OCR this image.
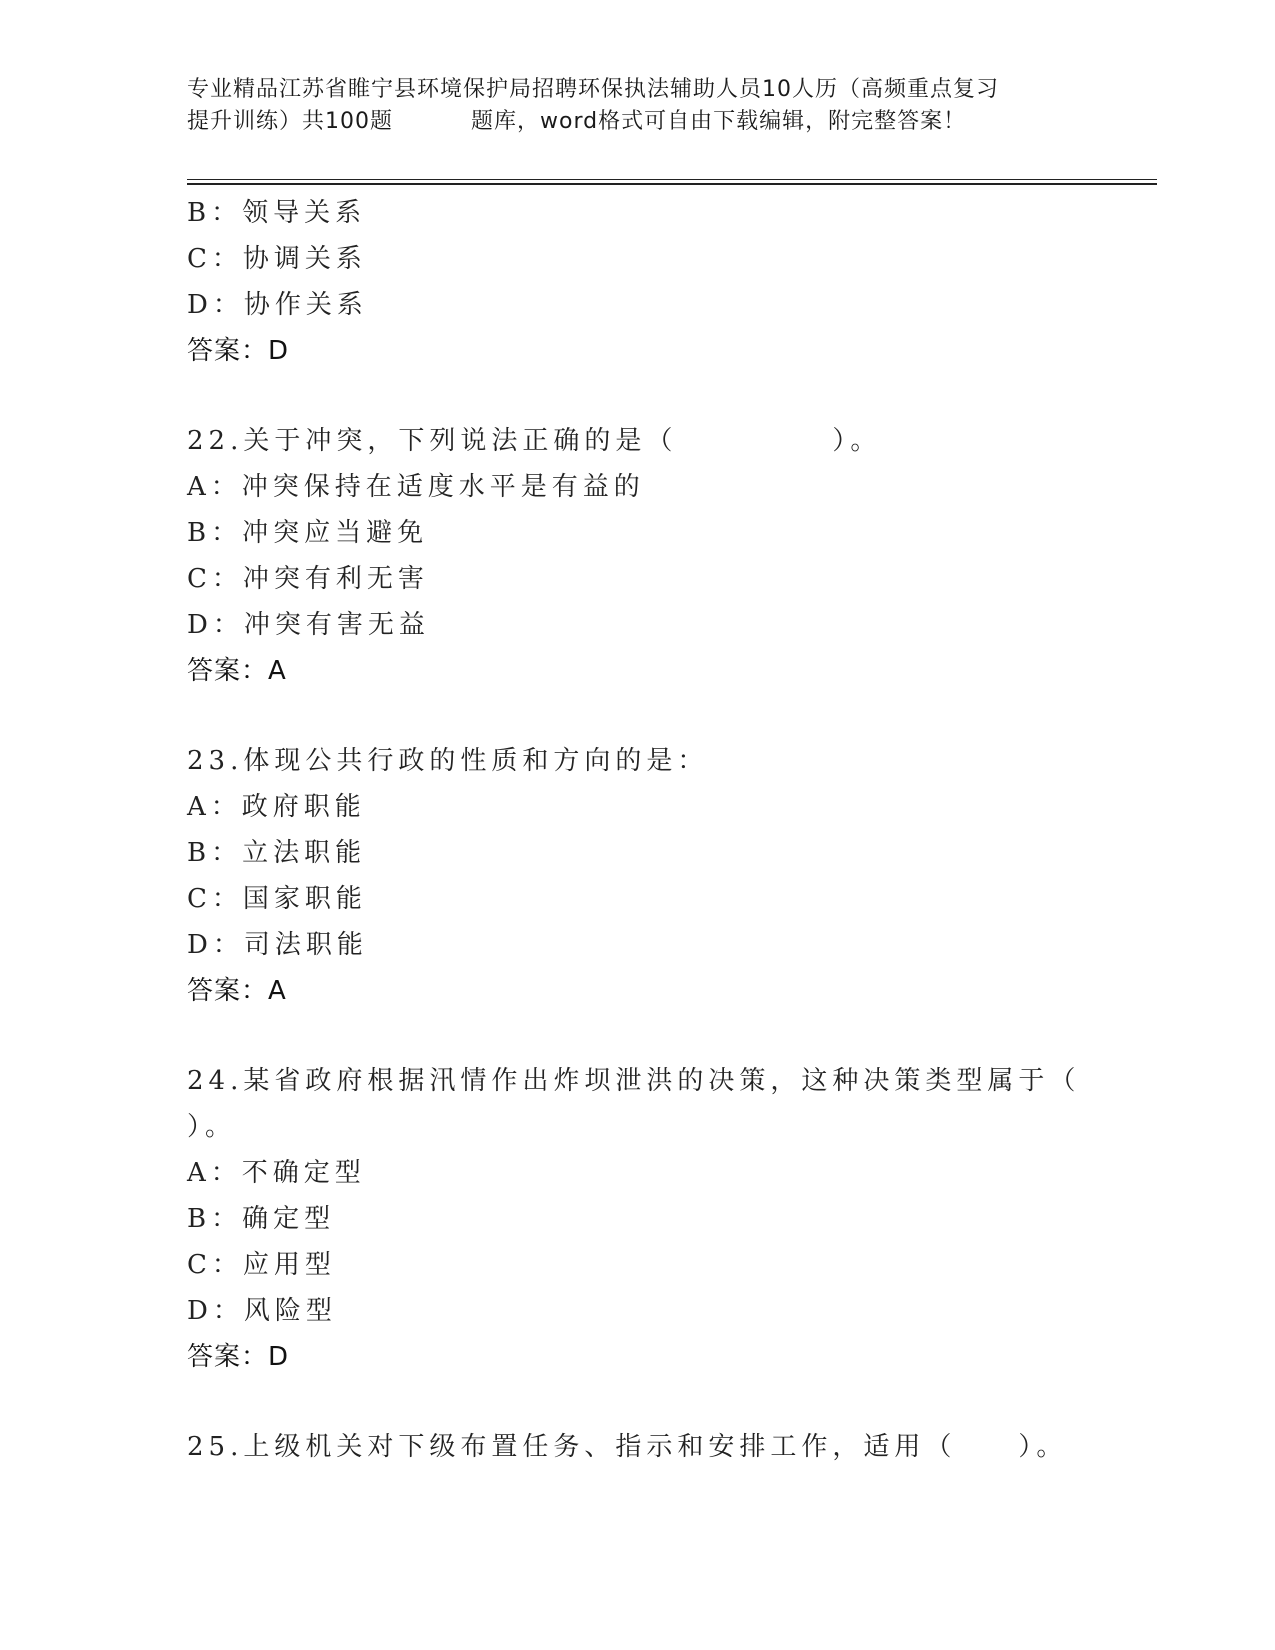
专业精品江苏省睢宁县环境保护局招聘环保执法辅助人员10人历（高频重点复习
提升训练）共100题	题库，word格式可自由下载编辑，附完整答案！
B：领导关系
C：协调关系
D：协作关系
答案：D
22.关于冲突，下列说法正确的是（　　　　　）。
A：冲突保持在适度水平是有益的
B：冲突应当避免
C：冲突有利无害
D：冲突有害无益
答案：A
23.体现公共行政的性质和方向的是：
A：政府职能
B：立法职能
C：国家职能
D：司法职能
答案：A
24.某省政府根据汛情作出炸坝泄洪的决策，这种决策类型属于（
）。
A：不确定型
B：确定型
C：应用型
D：风险型
答案：D
25.上级机关对下级布置任务、指示和安排工作，适用（　　）。
